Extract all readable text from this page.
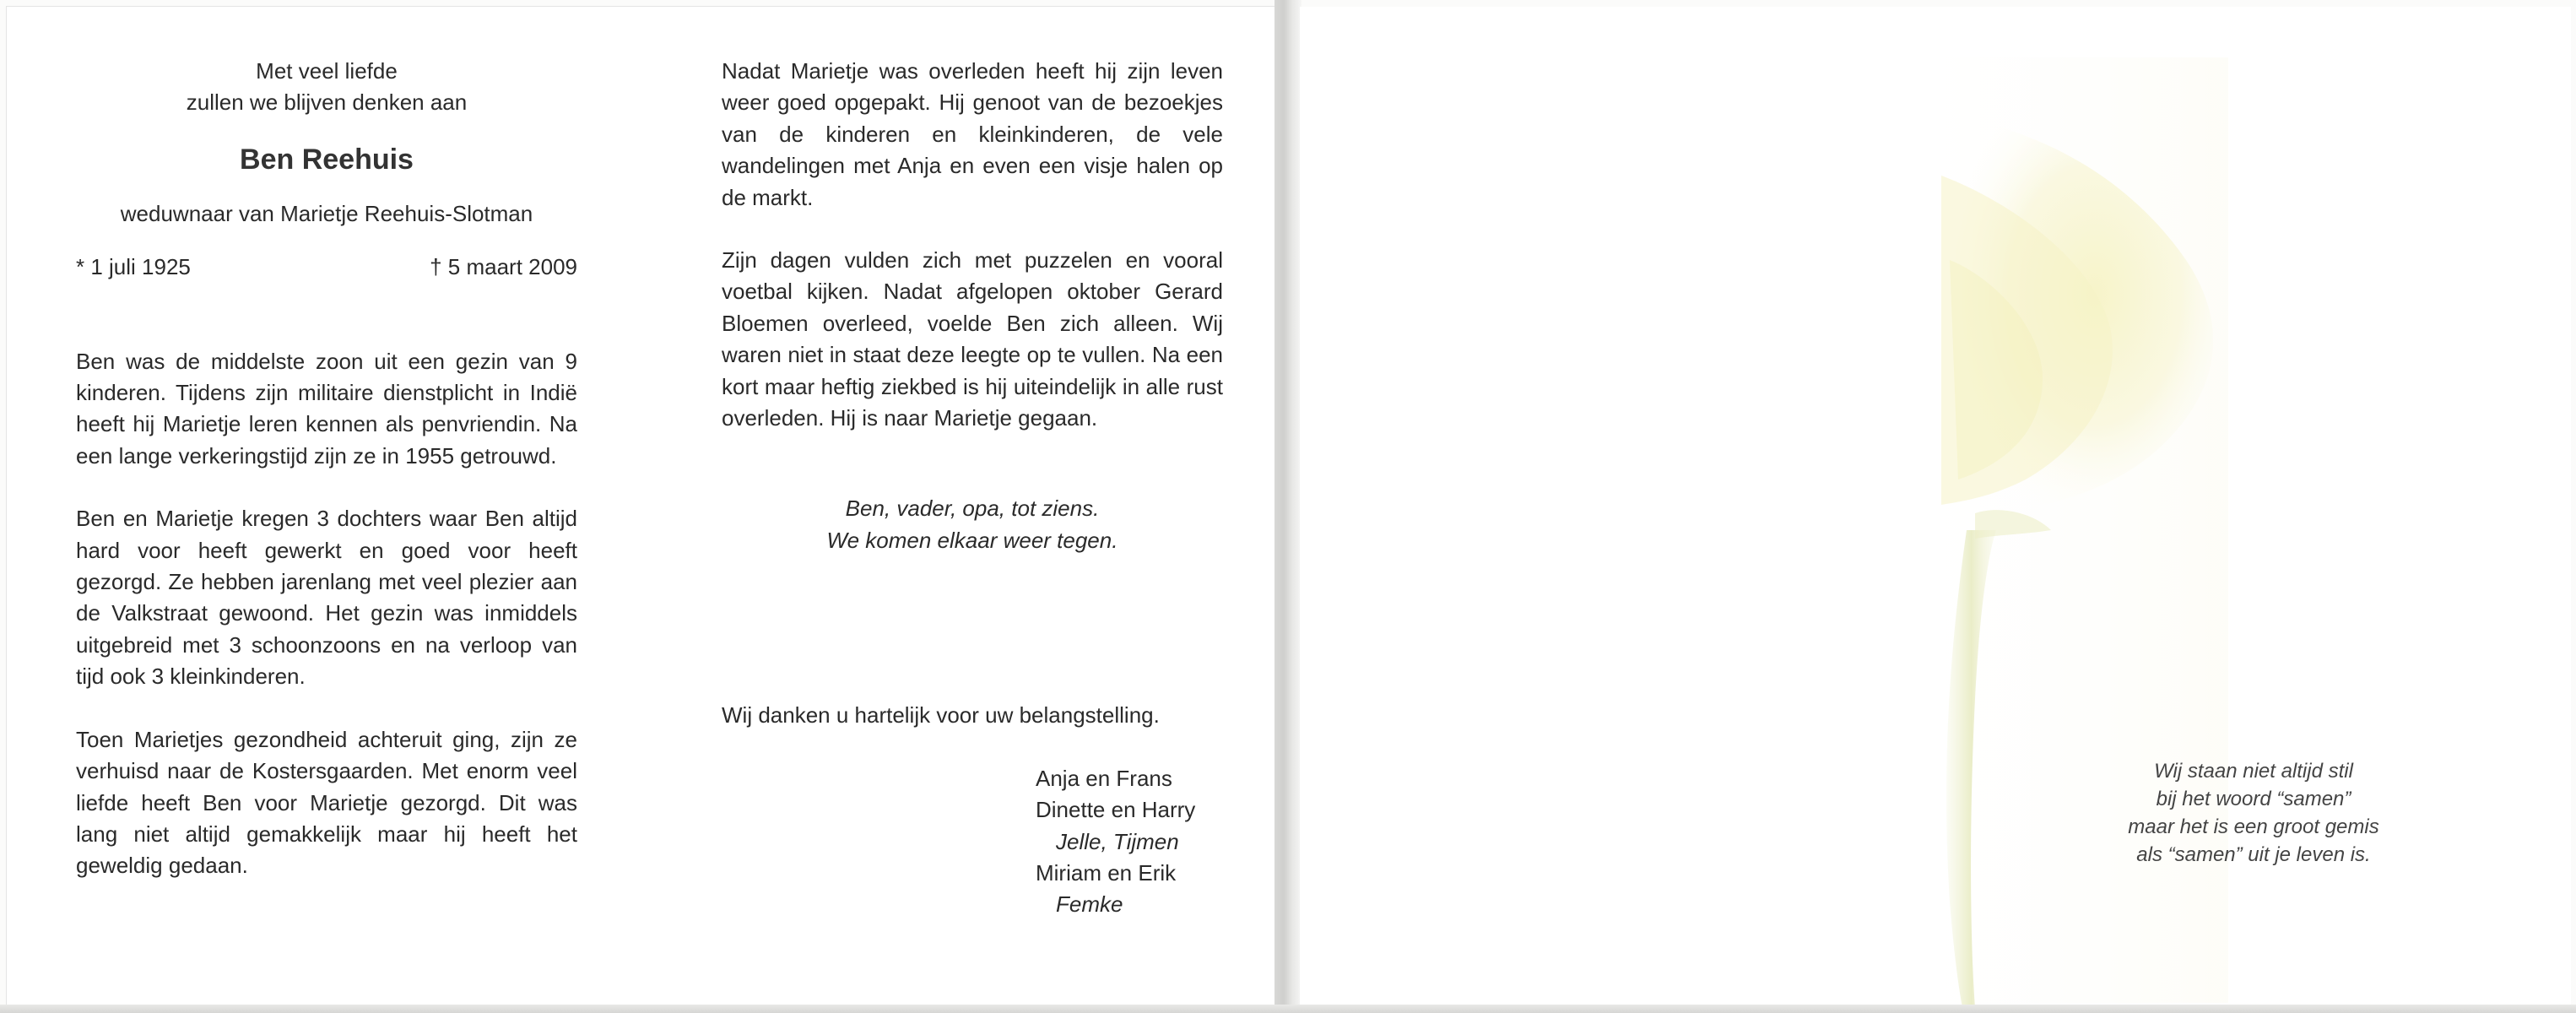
Met veel liefde
zullen we blijven denken aan
Ben Reehuis
weduwnaar van Marietje Reehuis-Slotman
* 1 juli 1925	† 5 maart 2009

Ben was de middelste zoon uit een gezin van 9 kinderen. Tijdens zijn militaire dienstplicht in Indië heeft hij Marietje leren kennen als penvriendin. Na een lange verkeringstijd zijn ze in 1955 getrouwd.

Ben en Marietje kregen 3 dochters waar Ben altijd hard voor heeft gewerkt en goed voor heeft gezorgd. Ze hebben jarenlang met veel plezier aan de Valkstraat gewoond. Het gezin was inmiddels uitgebreid met 3 schoonzoons en na verloop van tijd ook 3 kleinkinderen.

Toen Marietjes gezondheid achteruit ging, zijn ze verhuisd naar de Kostersgaarden. Met enorm veel liefde heeft Ben voor Marietje gezorgd. Dit was lang niet altijd gemakkelijk maar hij heeft het geweldig gedaan.

Nadat Marietje was overleden heeft hij zijn leven weer goed opgepakt. Hij genoot van de bezoekjes van de kinderen en kleinkinderen, de vele wandelingen met Anja en even een visje halen op de markt.

Zijn dagen vulden zich met puzzelen en vooral voetbal kijken. Nadat afgelopen oktober Gerard Bloemen overleed, voelde Ben zich alleen. Wij waren niet in staat deze leegte op te vullen. Na een kort maar heftig ziekbed is hij uiteindelijk in alle rust overleden. Hij is naar Marietje gegaan.

Ben, vader, opa, tot ziens.
We komen elkaar weer tegen.
Wij danken u hartelijk voor uw belangstelling.
Anja en Frans
Dinette en Harry
Jelle, Tijmen
Miriam en Erik
Femke
Wij staan niet altijd stil
bij het woord “samen”
maar het is een groot gemis
als “samen” uit je leven is.
